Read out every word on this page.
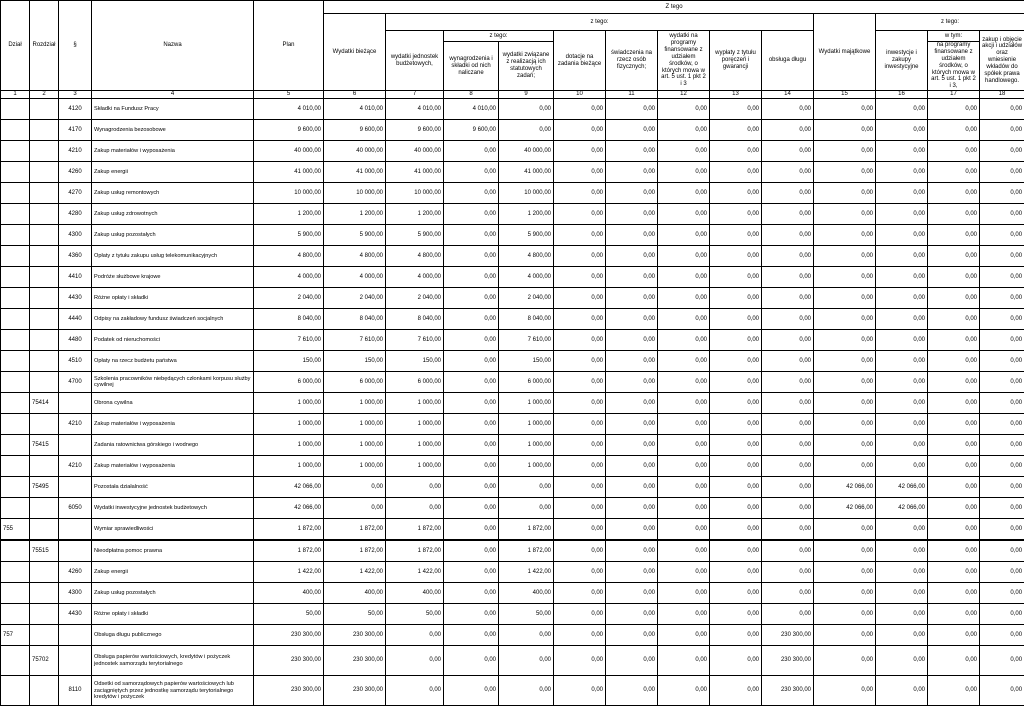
Dział	Rozdział	§	Nazwa	Plan	Z tego												
					Wydatki bieżące	z tego:								Wydatki majątkowe	z tego:		
						wydatki jednostek budżetowych,	z tego:		dotacje na zadania bieżące	świadczenia na rzecz osób fizycznych;	wydatki na programy finansowane z udziałem środków, o których mowa w art. 5 ust. 1 pkt 2 i 3	wypłaty z tytułu poręczeń i gwarancji	obsługa długu		inwestycje i zakupy inwestycyjne	w tym:	zakup i objęcie akcji i udziałów oraz wniesienie wkładów do spółek prawa handlowego.
							wynagrodzenia i składki od nich naliczane	wydatki związane z realizacją ich statutowych zadań;								na programy finansowane z udziałem środków, o których mowa w art. 5 ust. 1 pkt 2 i 3,	
1	2	3	4	5	6	7	8	9	10	11	12	13	14	15	16	17	18
		4120	Składki na Fundusz Pracy	4 010,00	4 010,00	4 010,00	4 010,00	0,00	0,00	0,00	0,00	0,00	0,00	0,00	0,00	0,00	0,00
		4170	Wynagrodzenia bezosobowe	9 600,00	9 600,00	9 600,00	9 600,00	0,00	0,00	0,00	0,00	0,00	0,00	0,00	0,00	0,00	0,00
		4210	Zakup materiałów i wyposażenia	40 000,00	40 000,00	40 000,00	0,00	40 000,00	0,00	0,00	0,00	0,00	0,00	0,00	0,00	0,00	0,00
		4260	Zakup energii	41 000,00	41 000,00	41 000,00	0,00	41 000,00	0,00	0,00	0,00	0,00	0,00	0,00	0,00	0,00	0,00
		4270	Zakup usług remontowych	10 000,00	10 000,00	10 000,00	0,00	10 000,00	0,00	0,00	0,00	0,00	0,00	0,00	0,00	0,00	0,00
		4280	Zakup usług zdrowotnych	1 200,00	1 200,00	1 200,00	0,00	1 200,00	0,00	0,00	0,00	0,00	0,00	0,00	0,00	0,00	0,00
		4300	Zakup usług pozostałych	5 900,00	5 900,00	5 900,00	0,00	5 900,00	0,00	0,00	0,00	0,00	0,00	0,00	0,00	0,00	0,00
		4360	Opłaty z tytułu zakupu usług telekomunikacyjnych	4 800,00	4 800,00	4 800,00	0,00	4 800,00	0,00	0,00	0,00	0,00	0,00	0,00	0,00	0,00	0,00
		4410	Podróże służbowe krajowe	4 000,00	4 000,00	4 000,00	0,00	4 000,00	0,00	0,00	0,00	0,00	0,00	0,00	0,00	0,00	0,00
		4430	Różne opłaty i składki	2 040,00	2 040,00	2 040,00	0,00	2 040,00	0,00	0,00	0,00	0,00	0,00	0,00	0,00	0,00	0,00
		4440	Odpisy na zakładowy fundusz świadczeń socjalnych	8 040,00	8 040,00	8 040,00	0,00	8 040,00	0,00	0,00	0,00	0,00	0,00	0,00	0,00	0,00	0,00
		4480	Podatek od nieruchomości	7 610,00	7 610,00	7 610,00	0,00	7 610,00	0,00	0,00	0,00	0,00	0,00	0,00	0,00	0,00	0,00
		4510	Opłaty na rzecz budżetu państwa	150,00	150,00	150,00	0,00	150,00	0,00	0,00	0,00	0,00	0,00	0,00	0,00	0,00	0,00
		4700	Szkolenia pracowników niebędących członkami korpusu służby cywilnej	6 000,00	6 000,00	6 000,00	0,00	6 000,00	0,00	0,00	0,00	0,00	0,00	0,00	0,00	0,00	0,00
	75414		Obrona cywilna	1 000,00	1 000,00	1 000,00	0,00	1 000,00	0,00	0,00	0,00	0,00	0,00	0,00	0,00	0,00	0,00
		4210	Zakup materiałów i wyposażenia	1 000,00	1 000,00	1 000,00	0,00	1 000,00	0,00	0,00	0,00	0,00	0,00	0,00	0,00	0,00	0,00
	75415		Zadania ratownictwa górskiego i wodnego	1 000,00	1 000,00	1 000,00	0,00	1 000,00	0,00	0,00	0,00	0,00	0,00	0,00	0,00	0,00	0,00
		4210	Zakup materiałów i wyposażenia	1 000,00	1 000,00	1 000,00	0,00	1 000,00	0,00	0,00	0,00	0,00	0,00	0,00	0,00	0,00	0,00
	75495		Pozostała działalność	42 066,00	0,00	0,00	0,00	0,00	0,00	0,00	0,00	0,00	0,00	42 066,00	42 066,00	0,00	0,00
		6050	Wydatki inwestycyjne jednostek budżetowych	42 066,00	0,00	0,00	0,00	0,00	0,00	0,00	0,00	0,00	0,00	42 066,00	42 066,00	0,00	0,00
755			Wymiar sprawiedliwości	1 872,00	1 872,00	1 872,00	0,00	1 872,00	0,00	0,00	0,00	0,00	0,00	0,00	0,00	0,00	0,00
	75515		Nieodpłatna pomoc prawna	1 872,00	1 872,00	1 872,00	0,00	1 872,00	0,00	0,00	0,00	0,00	0,00	0,00	0,00	0,00	0,00
		4260	Zakup energii	1 422,00	1 422,00	1 422,00	0,00	1 422,00	0,00	0,00	0,00	0,00	0,00	0,00	0,00	0,00	0,00
		4300	Zakup usług pozostałych	400,00	400,00	400,00	0,00	400,00	0,00	0,00	0,00	0,00	0,00	0,00	0,00	0,00	0,00
		4430	Różne opłaty i składki	50,00	50,00	50,00	0,00	50,00	0,00	0,00	0,00	0,00	0,00	0,00	0,00	0,00	0,00
757			Obsługa długu publicznego	230 300,00	230 300,00	0,00	0,00	0,00	0,00	0,00	0,00	0,00	230 300,00	0,00	0,00	0,00	0,00
	75702		Obsługa papierów wartościowych, kredytów i pożyczek jednostek samorządu terytorialnego	230 300,00	230 300,00	0,00	0,00	0,00	0,00	0,00	0,00	0,00	230 300,00	0,00	0,00	0,00	0,00
		8110	Odsetki od samorządowych papierów wartościowych lub zaciągniętych przez jednostkę samorządu terytorialnego kredytów i pożyczek	230 300,00	230 300,00	0,00	0,00	0,00	0,00	0,00	0,00	0,00	230 300,00	0,00	0,00	0,00	0,00
